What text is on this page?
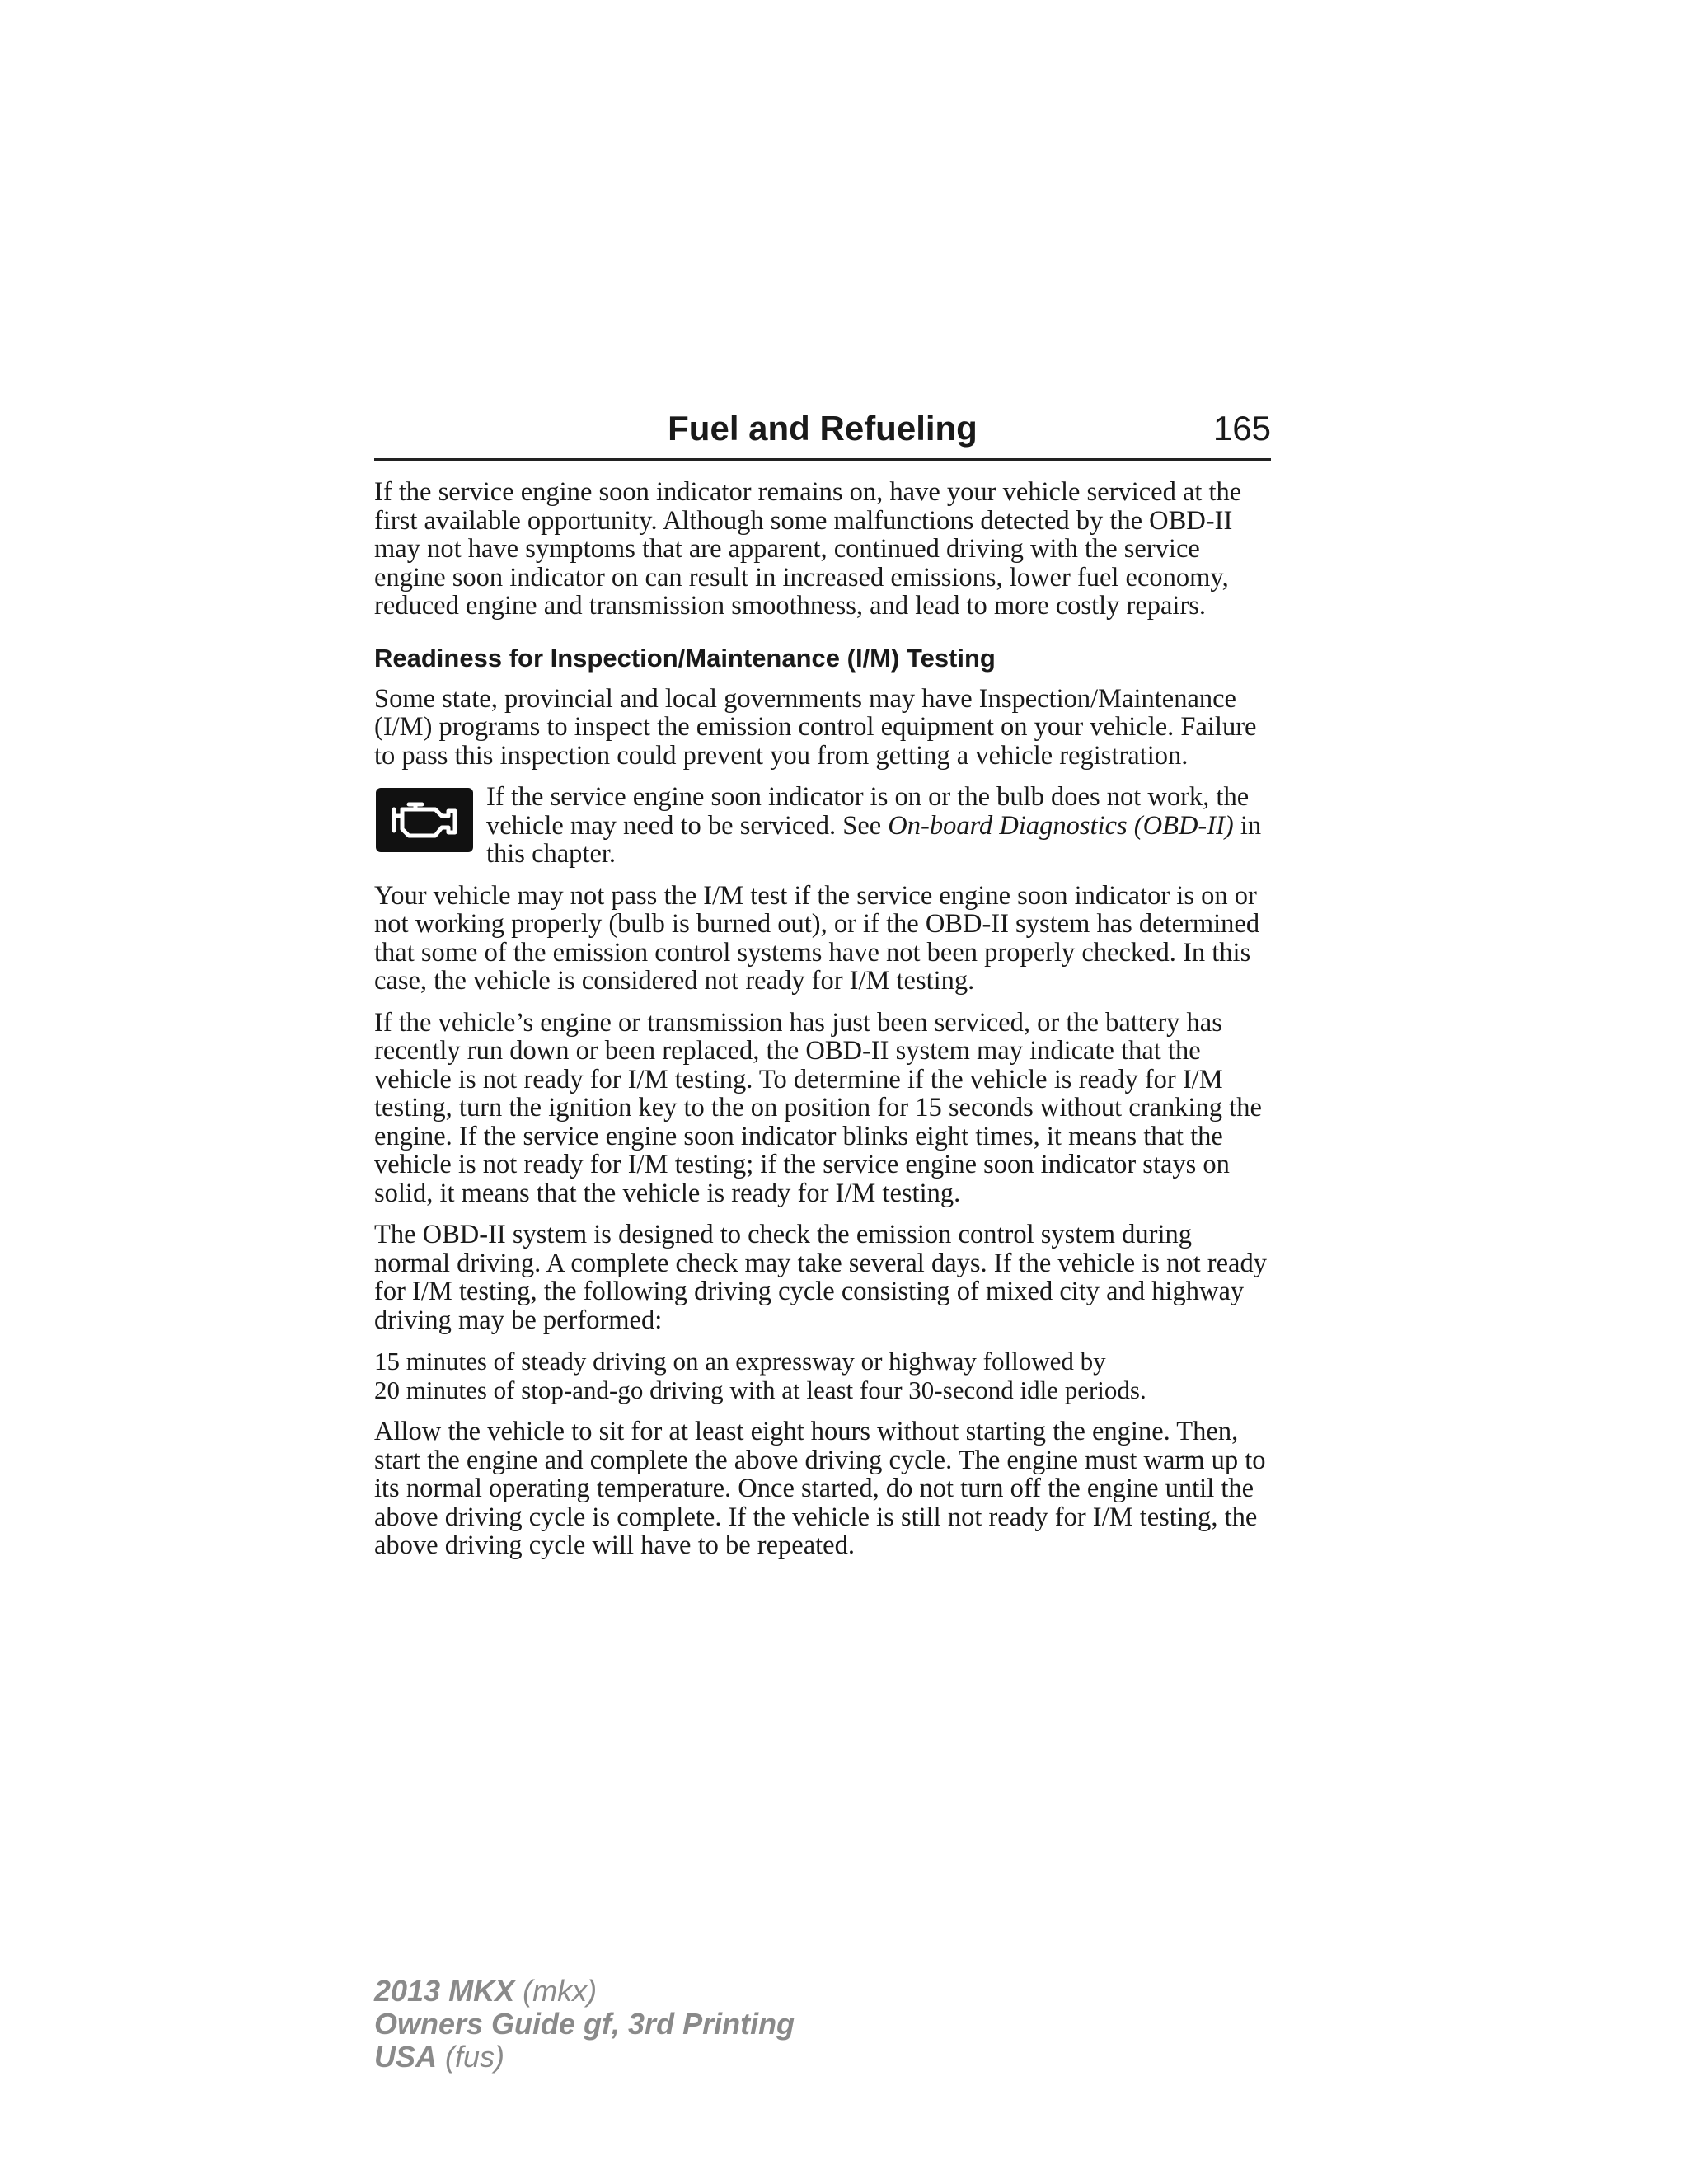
Fuel and Refueling	165

If the service engine soon indicator remains on, have your vehicle serviced at the first available opportunity. Although some malfunctions detected by the OBD-II may not have symptoms that are apparent, continued driving with the service engine soon indicator on can result in increased emissions, lower fuel economy, reduced engine and transmission smoothness, and lead to more costly repairs.

Readiness for Inspection/Maintenance (I/M) Testing

Some state, provincial and local governments may have Inspection/Maintenance (I/M) programs to inspect the emission control equipment on your vehicle. Failure to pass this inspection could prevent you from getting a vehicle registration.

If the service engine soon indicator is on or the bulb does not work, the vehicle may need to be serviced. See On-board Diagnostics (OBD-II) in this chapter.

Your vehicle may not pass the I/M test if the service engine soon indicator is on or not working properly (bulb is burned out), or if the OBD-II system has determined that some of the emission control systems have not been properly checked. In this case, the vehicle is considered not ready for I/M testing.

If the vehicle’s engine or transmission has just been serviced, or the battery has recently run down or been replaced, the OBD-II system may indicate that the vehicle is not ready for I/M testing. To determine if the vehicle is ready for I/M testing, turn the ignition key to the on position for 15 seconds without cranking the engine. If the service engine soon indicator blinks eight times, it means that the vehicle is not ready for I/M testing; if the service engine soon indicator stays on solid, it means that the vehicle is ready for I/M testing.

The OBD-II system is designed to check the emission control system during normal driving. A complete check may take several days. If the vehicle is not ready for I/M testing, the following driving cycle consisting of mixed city and highway driving may be performed:

15 minutes of steady driving on an expressway or highway followed by
20 minutes of stop-and-go driving with at least four 30-second idle periods.

Allow the vehicle to sit for at least eight hours without starting the engine. Then, start the engine and complete the above driving cycle. The engine must warm up to its normal operating temperature. Once started, do not turn off the engine until the above driving cycle is complete. If the vehicle is still not ready for I/M testing, the above driving cycle will have to be repeated.

2013 MKX (mkx)
Owners Guide gf, 3rd Printing
USA (fus)
